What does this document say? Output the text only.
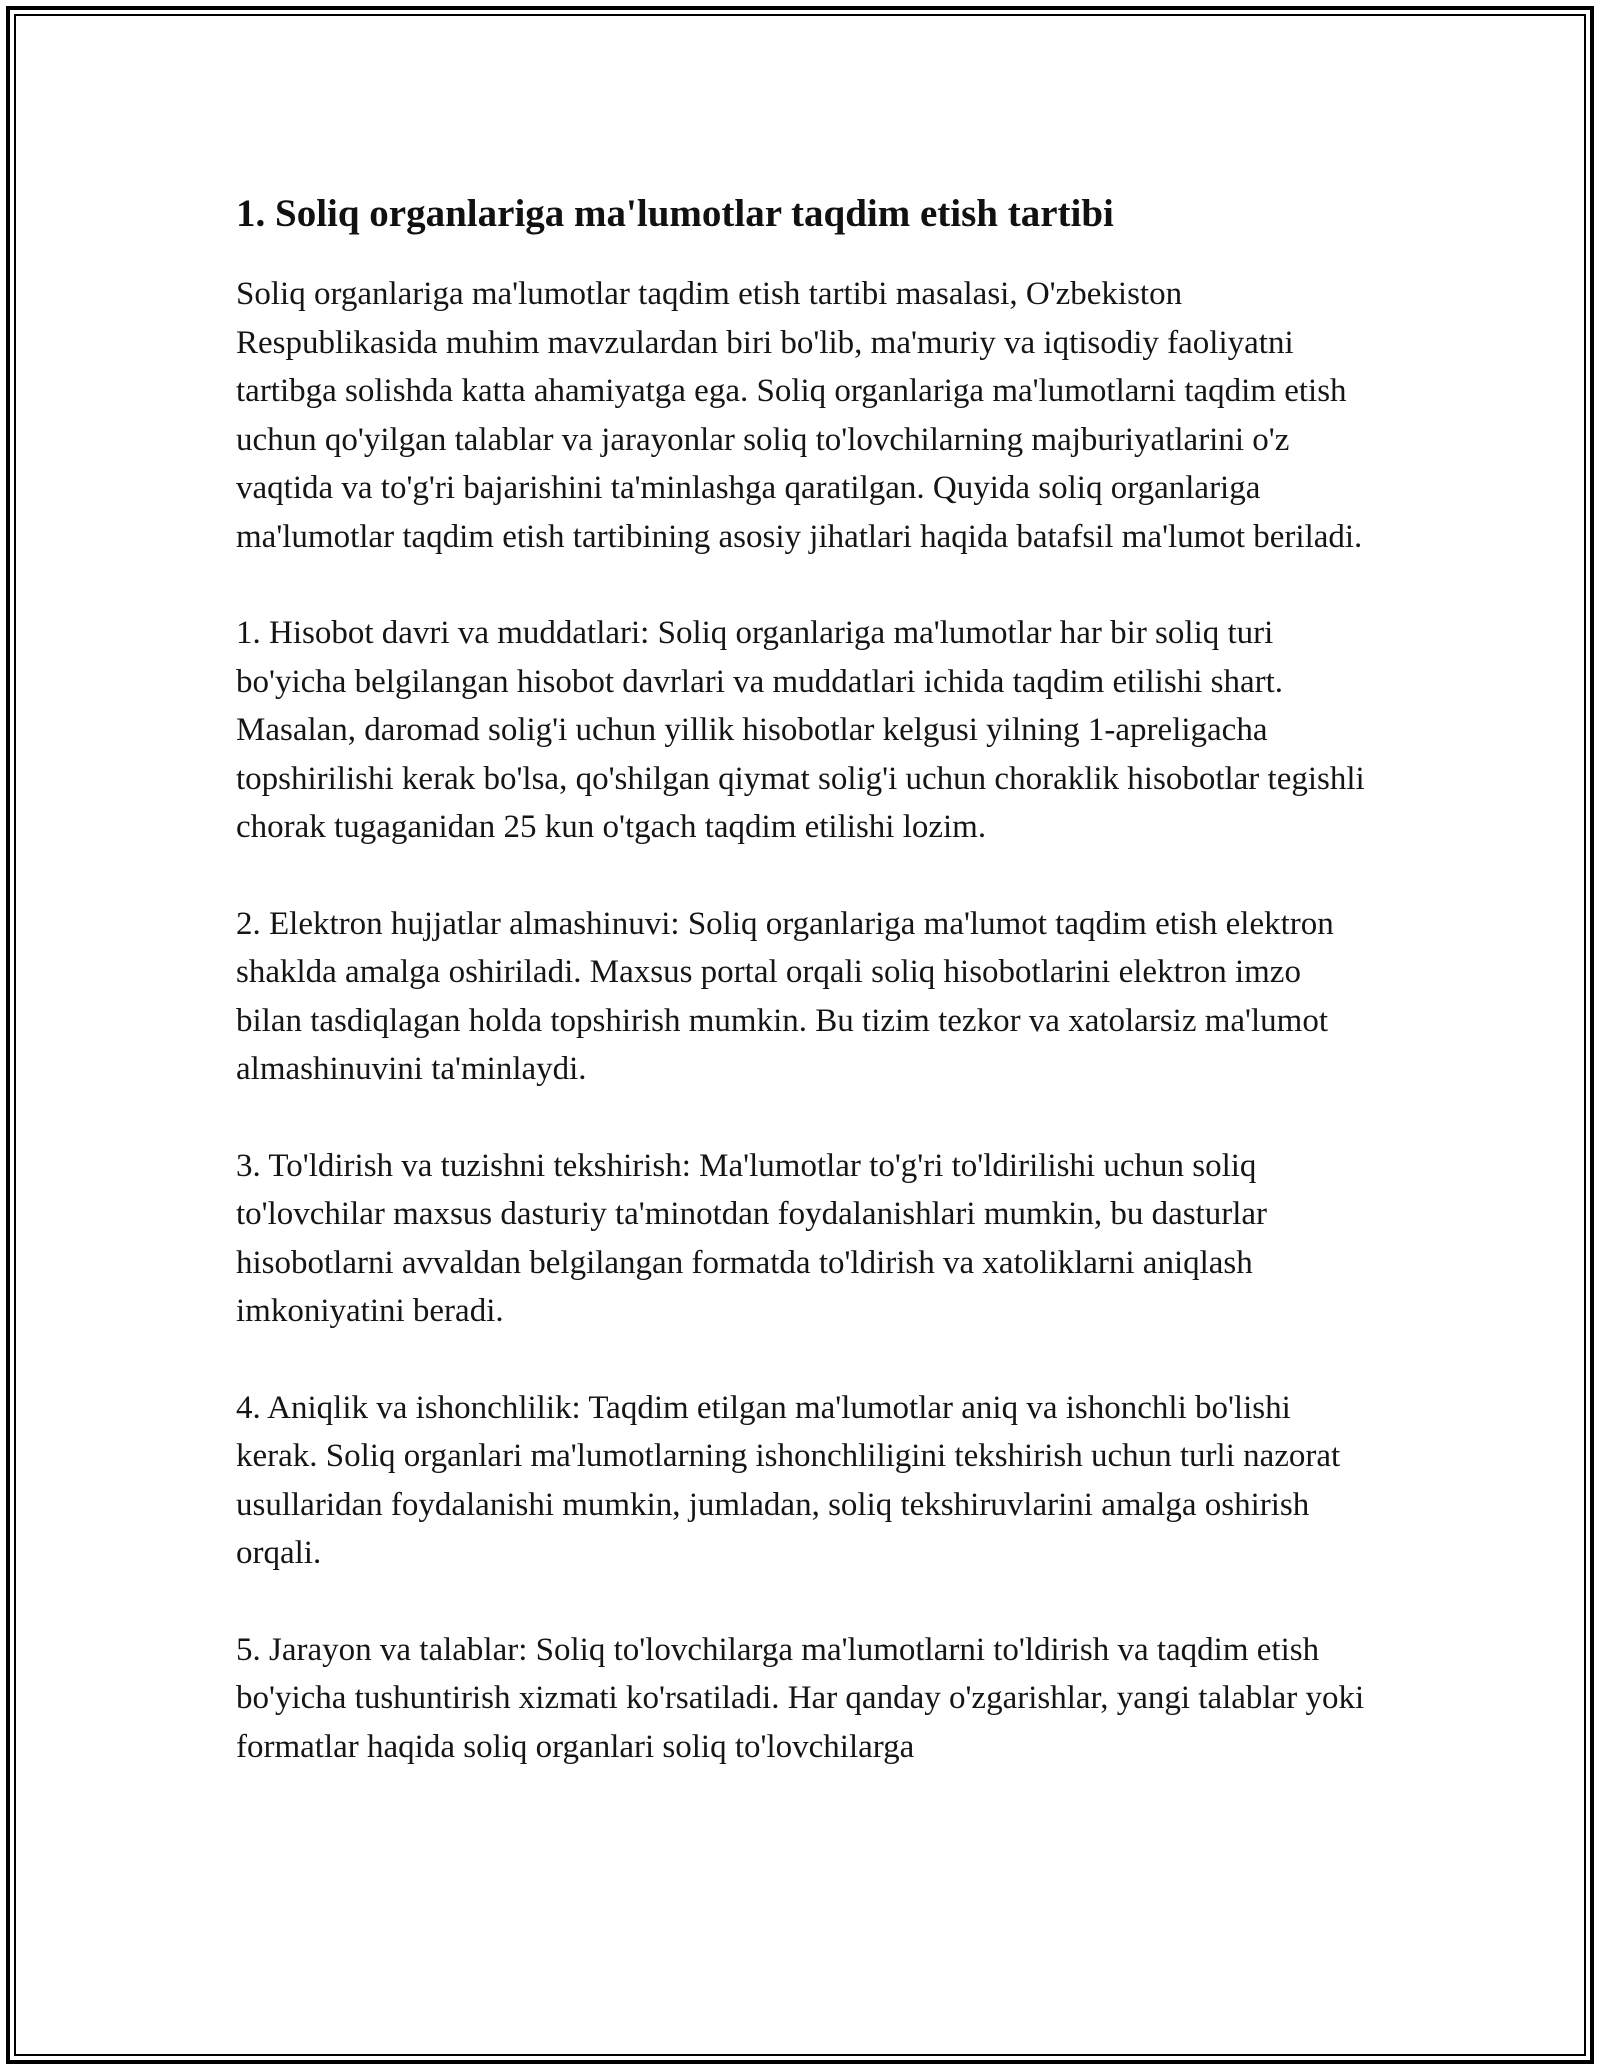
1. Soliq organlariga ma'lumotlar taqdim etish tartibi

Soliq organlariga ma'lumotlar taqdim etish tartibi masalasi, O'zbekiston Respublikasida muhim mavzulardan biri bo'lib, ma'muriy va iqtisodiy faoliyatni tartibga solishda katta ahamiyatga ega. Soliq organlariga ma'lumotlarni taqdim etish uchun qo'yilgan talablar va jarayonlar soliq to'lovchilarning majburiyatlarini o'z vaqtida va to'g'ri bajarishini ta'minlashga qaratilgan. Quyida soliq organlariga ma'lumotlar taqdim etish tartibining asosiy jihatlari haqida batafsil ma'lumot beriladi.

1. Hisobot davri va muddatlari: Soliq organlariga ma'lumotlar har bir soliq turi bo'yicha belgilangan hisobot davrlari va muddatlari ichida taqdim etilishi shart. Masalan, daromad solig'i uchun yillik hisobotlar kelgusi yilning 1-apreligacha topshirilishi kerak bo'lsa, qo'shilgan qiymat solig'i uchun choraklik hisobotlar tegishli chorak tugaganidan 25 kun o'tgach taqdim etilishi lozim.

2. Elektron hujjatlar almashinuvi: Soliq organlariga ma'lumot taqdim etish elektron shaklda amalga oshiriladi. Maxsus portal orqali soliq hisobotlarini elektron imzo bilan tasdiqlagan holda topshirish mumkin. Bu tizim tezkor va xatolarsiz ma'lumot almashinuvini ta'minlaydi.

3. To'ldirish va tuzishni tekshirish: Ma'lumotlar to'g'ri to'ldirilishi uchun soliq to'lovchilar maxsus dasturiy ta'minotdan foydalanishlari mumkin, bu dasturlar hisobotlarni avvaldan belgilangan formatda to'ldirish va xatoliklarni aniqlash imkoniyatini beradi.

4. Aniqlik va ishonchlilik: Taqdim etilgan ma'lumotlar aniq va ishonchli bo'lishi kerak. Soliq organlari ma'lumotlarning ishonchliligini tekshirish uchun turli nazorat usullaridan foydalanishi mumkin, jumladan, soliq tekshiruvlarini amalga oshirish orqali.

5. Jarayon va talablar: Soliq to'lovchilarga ma'lumotlarni to'ldirish va taqdim etish bo'yicha tushuntirish xizmati ko'rsatiladi. Har qanday o'zgarishlar, yangi talablar yoki formatlar haqida soliq organlari soliq to'lovchilarga
